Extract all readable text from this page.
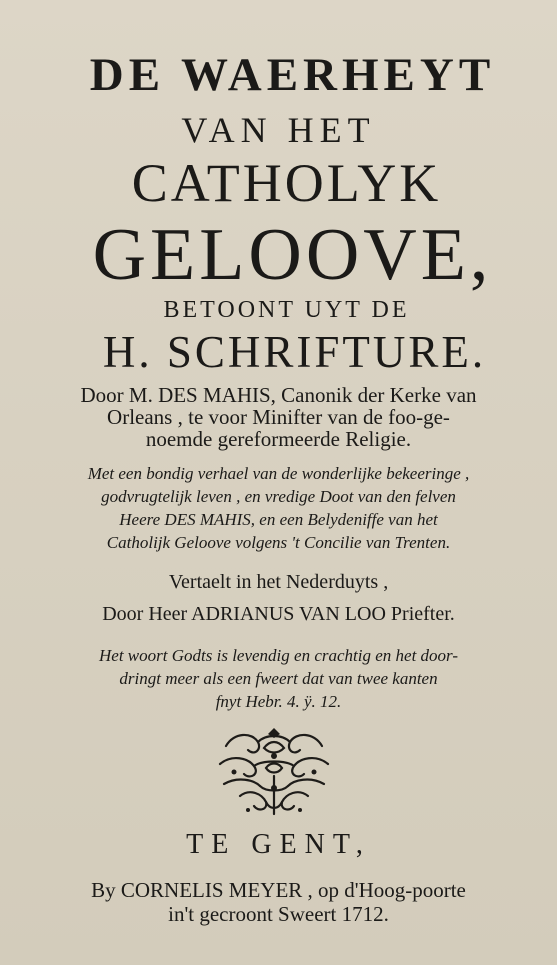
DE WAERHEYT
VAN HET
CATHOLYK
GELOOVE,
BETOONT UYT DE
H. SCHRIFTURE.
Door M. DES MAHIS, Canonik der Kerke van
Orleans , te voor Minifter van de foo-ge-
noemde gereformeerde Religie.
Met een bondig verhael van de wonderlijke bekeeringe ,
godvrugtelijk leven , en vredige Doot van den felven
Heere DES MAHIS, en een Belydeniffe van het
Catholijk Geloove volgens 't Concilie van Trenten.
Vertaelt in het Nederduyts ,
Door Heer ADRIANUS VAN LOO Priefter.
Het woort Godts is levendig en crachtig en het door-
dringt meer als een fweert dat van twee kanten
fnyt Hebr. 4. ÿ. 12.
TE GENT,
By CORNELIS MEYER , op d'Hoog-poorte
in't gecroont Sweert 1712.
